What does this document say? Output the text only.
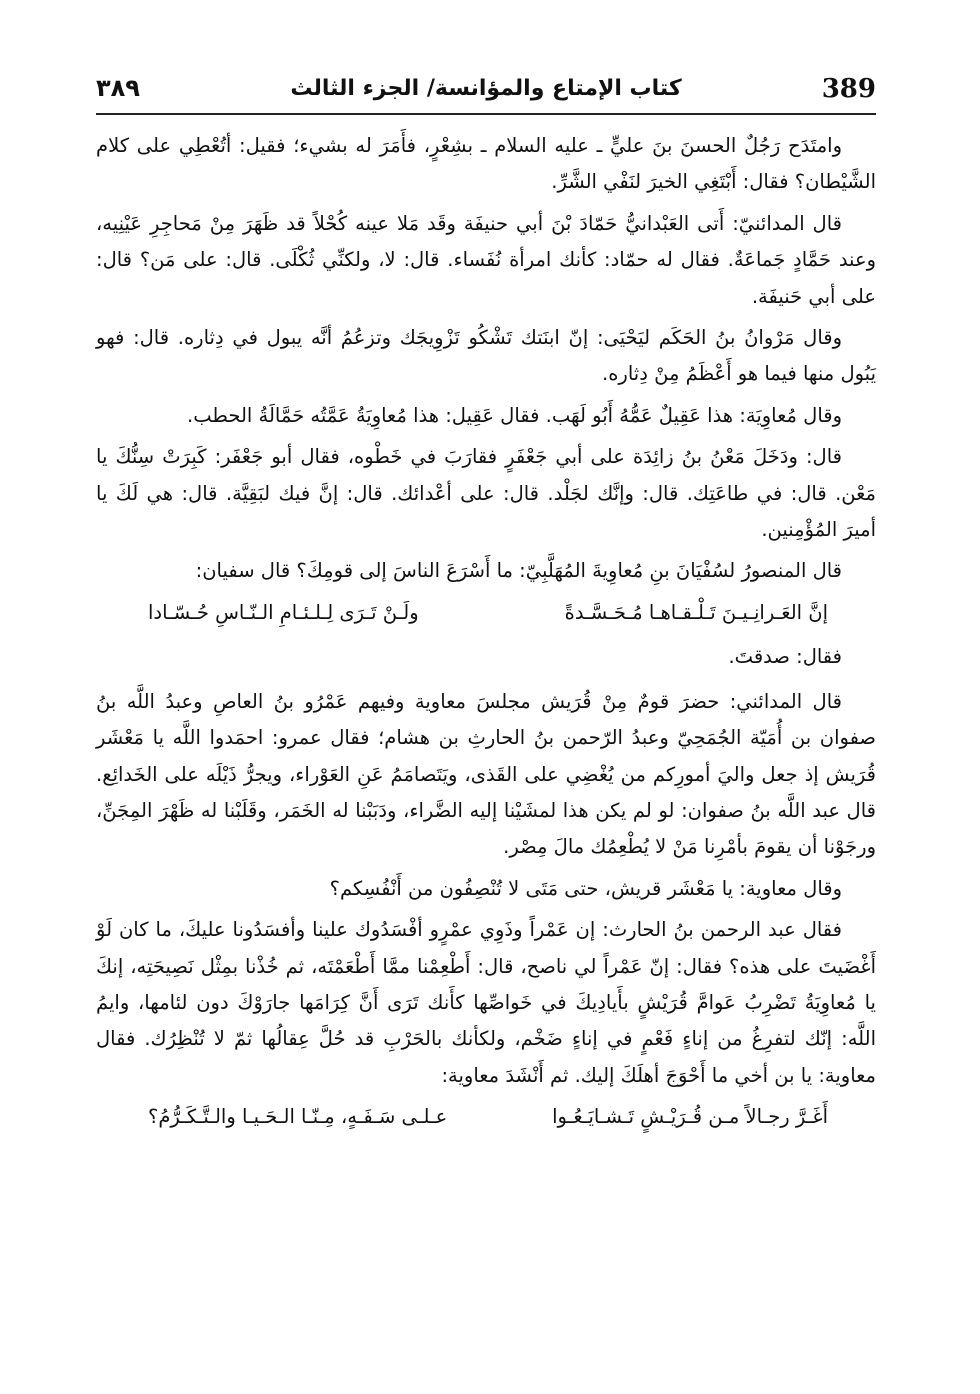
389
كتاب الإمتاع والمؤانسة/ الجزء الثالث
٣٨٩

وامتَدَح رَجُلٌ الحسنَ بنَ عليٍّ ـ عليه السلام ـ بشِعْرٍ، فأَمَرَ له بشيء؛ فقيل: أتُعْطِي على كلام الشَّيْطان؟ فقال: أَبْتَغِي الخيرَ لنَفْي الشَّرِّ.

قال المدائنيّ: أَتى العَبْدانيُّ حَمّادَ بْنَ أبي حنيفَة وقَد مَلا عينه كُحْلاً قد ظَهَرَ مِنْ مَحاجِرِ عَيْنِيه، وعند حَمَّادٍ جَماعَةٌ. فقال له حمّاد: كأنك امرأة نُفَساء. قال: لا، ولكنِّي ثُكْلَى. قال: على مَن؟ قال: على أبي حَنيفَة.

وقال مَرْوانُ بنُ الحَكَم ليَحْيَى: إنّ ابنَتك تَشْكُو تَزْوِيجَك وتزعُمُ أنَّه يبول في دِثاره. قال: فهو يَبُول منها فيما هو أَعْظَمُ مِنْ دِثاره.

وقال مُعاوِيَة: هذا عَقِيلٌ عَمُّهُ أَبُو لَهَب. فقال عَقِيل: هذا مُعاوِيَةُ عَمَّتُه حَمَّالَةُ الحطب.

قال: ودَخَلَ مَعْنُ بنُ زائِدَة على أبي جَعْفَرٍ فقارَبَ في خَطْوه، فقال أبو جَعْفَر: كَبِرَتْ سِنُّكَ يا مَعْن. قال: في طاعَتِك. قال: وإنَّك لجَلْد. قال: على أعْدائك. قال: إنَّ فيك لبَقِيَّة. قال: هي لَكَ يا أميرَ المُؤْمِنين.

قال المنصورُ لسُفْيَانَ بنِ مُعاوِيةَ المُهَلَّبِيّ: ما أَسْرَعَ الناسَ إلى قومِكَ؟ قال سفيان:

إنَّ العَـرانِـيـنَ تَـلْـقـاهـا مُـحَـسَّـدةً
ولَـنْ تَـرَى لِـلـئـامِ الـنّـاسِ حُـسّـادا

فقال: صدقتَ.

قال المدائني: حضرَ قومٌ مِنْ قُرَيش مجلسَ معاوية وفيهم عَمْرُو بنُ العاصِ وعبدُ اللَّه بنُ صفوان بن أُمَيّة الجُمَحِيّ وعبدُ الرّحمن بنُ الحارثِ بن هشام؛ فقال عمرو: احمَدوا اللَّه يا مَعْشَر قُرَيش إذ جعل واليَ أمورِكم من يُغْضِي على القَذى، ويَتَصامَمُ عَنِ العَوْراء، ويجرُّ ذَيْلَه على الخَدائِع. قال عبد اللَّه بنُ صفوان: لو لم يكن هذا لمشَيْنا إليه الضَّراء، ودَبَبْنا له الخَمَر، وقَلَبْنا له ظَهْرَ المِجَنِّ، ورجَوْنا أن يقومَ بأمْرِنا مَنْ لا يُطْعِمُك مالَ مِصْر.

وقال معاوية: يا مَعْشَر قريش، حتى مَتَى لا تُنْصِفُون من أَنْفُسِكم؟

فقال عبد الرحمن بنُ الحارث: إن عَمْراً وذَوِي عمْرٍو أفْسَدُوك علينا وأفسَدُونا عليكَ، ما كان لَوْ أَغْضَيتَ على هذه؟ فقال: إنّ عَمْراً لي ناصح، قال: أَطْعِمْنا ممَّا أَطْعَمْتَه، ثم خُذْنا بمِثْل نَصِيحَتِه، إنكَ يا مُعاوِيَةُ تَضْرِبُ عَوامَّ قُرَيْشٍ بأَيادِيكَ في خَواصِّها كأَنك تَرَى أَنَّ كِرَامَها جارَوْكَ دون لئامها، وايمُ اللَّه: إنّك لتفرِغُ من إناءٍ فَعْمٍ في إناءٍ ضَخْم، ولكأنك بالحَرْبِ قد حُلَّ عِقالُها ثمّ لا تُنْظِرُك. فقال معاوية: يا بن أخي ما أَحْوَجَ أهلَكَ إليك. ثم أَنْشَدَ معاوية:

أَغَـرَّ رجـالاً مـن قُـرَيْـشٍ تَـشـايَـعُـوا
عـلـى سَـفَـهٍ، مِـنّـا الـحَـيـا والـتَّـكَـرُّمُ؟
